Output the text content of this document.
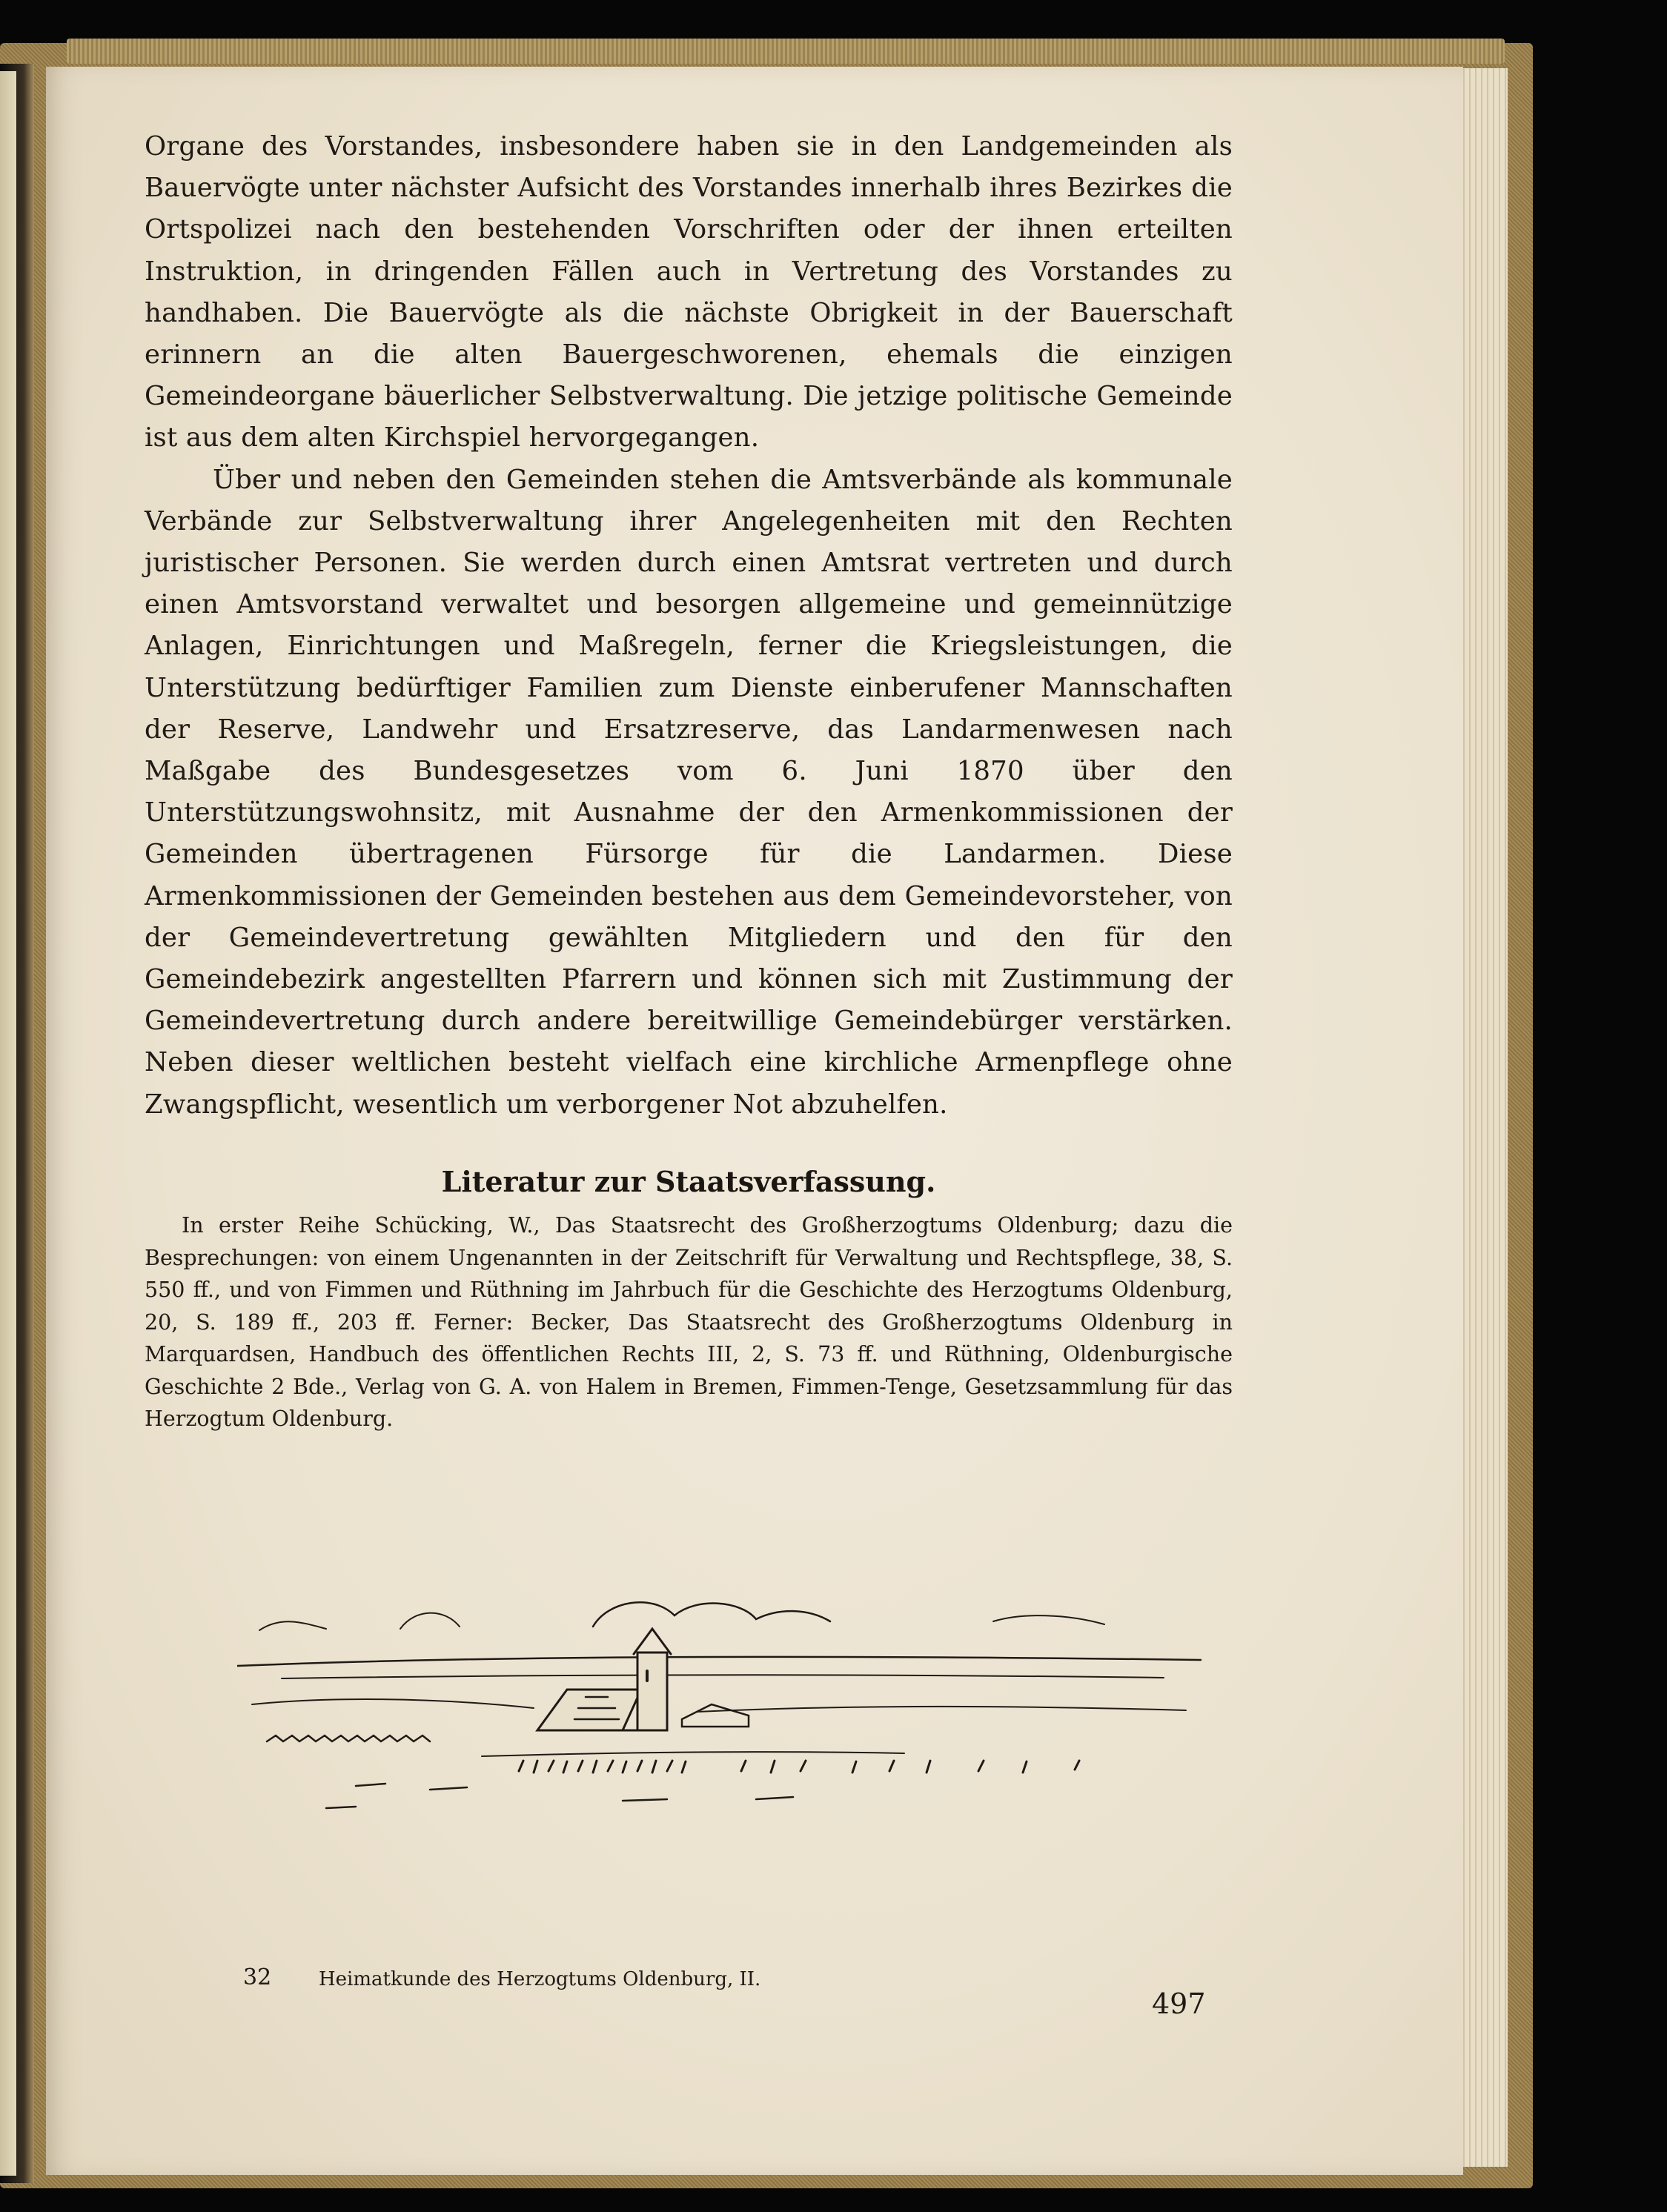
Organe des Vorstandes, insbesondere haben sie in den Landgemeinden als Bauervögte unter nächster Aufsicht des Vorstandes innerhalb ihres Bezirkes die Ortspolizei nach den bestehenden Vorschriften oder der ihnen erteilten Instruktion, in dringenden Fällen auch in Vertretung des Vorstandes zu handhaben. Die Bauervögte als die nächste Obrigkeit in der Bauerschaft erinnern an die alten Bauergeschworenen, ehemals die einzigen Gemeindeorgane bäuerlicher Selbstverwaltung. Die jetzige politische Gemeinde ist aus dem alten Kirchspiel hervorgegangen.

Über und neben den Gemeinden stehen die Amtsverbände als kommunale Verbände zur Selbstverwaltung ihrer Angelegenheiten mit den Rechten juristischer Personen. Sie werden durch einen Amtsrat vertreten und durch einen Amtsvorstand verwaltet und besorgen allgemeine und gemeinnützige Anlagen, Einrichtungen und Maßregeln, ferner die Kriegsleistungen, die Unterstützung bedürftiger Familien zum Dienste einberufener Mannschaften der Reserve, Landwehr und Ersatzreserve, das Landarmenwesen nach Maßgabe des Bundesgesetzes vom 6. Juni 1870 über den Unterstützungswohnsitz, mit Ausnahme der den Armenkommissionen der Gemeinden übertragenen Fürsorge für die Landarmen. Diese Armenkommissionen der Gemeinden bestehen aus dem Gemeindevorsteher, von der Gemeindevertretung gewählten Mitgliedern und den für den Gemeindebezirk angestellten Pfarrern und können sich mit Zustimmung der Gemeindevertretung durch andere bereitwillige Gemeindebürger verstärken. Neben dieser weltlichen besteht vielfach eine kirchliche Armenpflege ohne Zwangspflicht, wesentlich um verborgener Not abzuhelfen.

Literatur zur Staatsverfassung.
In erster Reihe Schücking, W., Das Staatsrecht des Großherzogtums Oldenburg; dazu die Besprechungen: von einem Ungenannten in der Zeitschrift für Verwaltung und Rechtspflege, 38, S. 550 ff., und von Fimmen und Rüthning im Jahrbuch für die Geschichte des Herzogtums Oldenburg, 20, S. 189 ff., 203 ff. Ferner: Becker, Das Staatsrecht des Großherzogtums Oldenburg in Marquardsen, Handbuch des öffentlichen Rechts III, 2, S. 73 ff. und Rüthning, Oldenburgische Geschichte 2 Bde., Verlag von G. A. von Halem in Bremen, Fimmen-Tenge, Gesetzsammlung für das Herzogtum Oldenburg.
32 Heimatkunde des Herzogtums Oldenburg, II.
497
